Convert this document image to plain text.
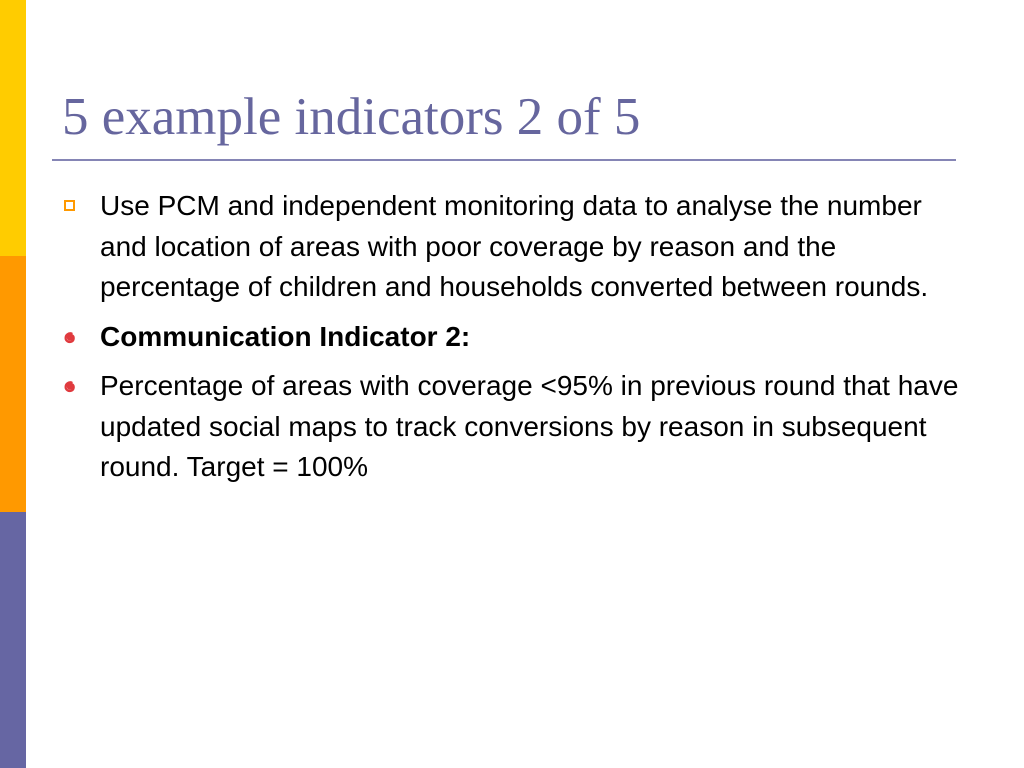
5 example indicators 2 of 5
Use PCM and independent monitoring data to analyse the number and location of areas with poor coverage by reason and the percentage of children and households converted between rounds.
Communication Indicator 2:
Percentage of areas with coverage <95% in previous round that have updated social maps to track conversions by reason in subsequent round. Target = 100%
